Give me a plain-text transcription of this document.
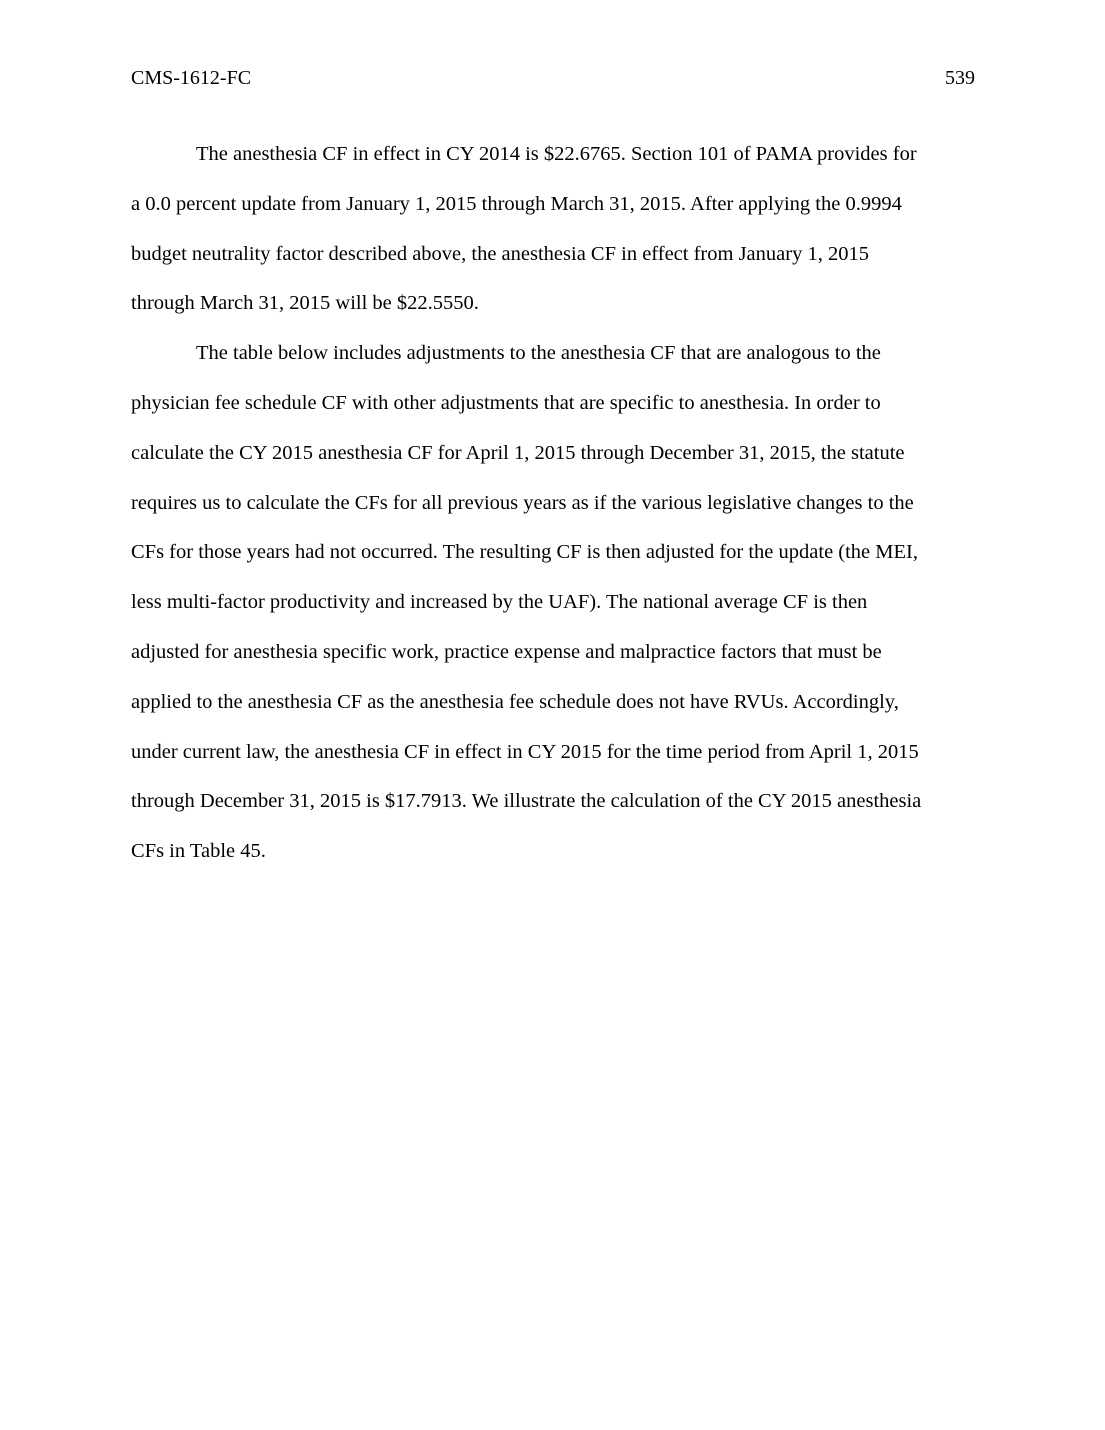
CMS-1612-FC	539
The anesthesia CF in effect in CY 2014 is $22.6765. Section 101 of PAMA provides for
a 0.0 percent update from January 1, 2015 through March 31, 2015. After applying the 0.9994
budget neutrality factor described above, the anesthesia CF in effect from January 1, 2015
through March 31, 2015 will be $22.5550.
The table below includes adjustments to the anesthesia CF that are analogous to the
physician fee schedule CF with other adjustments that are specific to anesthesia. In order to
calculate the CY 2015 anesthesia CF for April 1, 2015 through December 31, 2015, the statute
requires us to calculate the CFs for all previous years as if the various legislative changes to the
CFs for those years had not occurred. The resulting CF is then adjusted for the update (the MEI,
less multi-factor productivity and increased by the UAF). The national average CF is then
adjusted for anesthesia specific work, practice expense and malpractice factors that must be
applied to the anesthesia CF as the anesthesia fee schedule does not have RVUs. Accordingly,
under current law, the anesthesia CF in effect in CY 2015 for the time period from April 1, 2015
through December 31, 2015 is $17.7913. We illustrate the calculation of the CY 2015 anesthesia
CFs in Table 45.
